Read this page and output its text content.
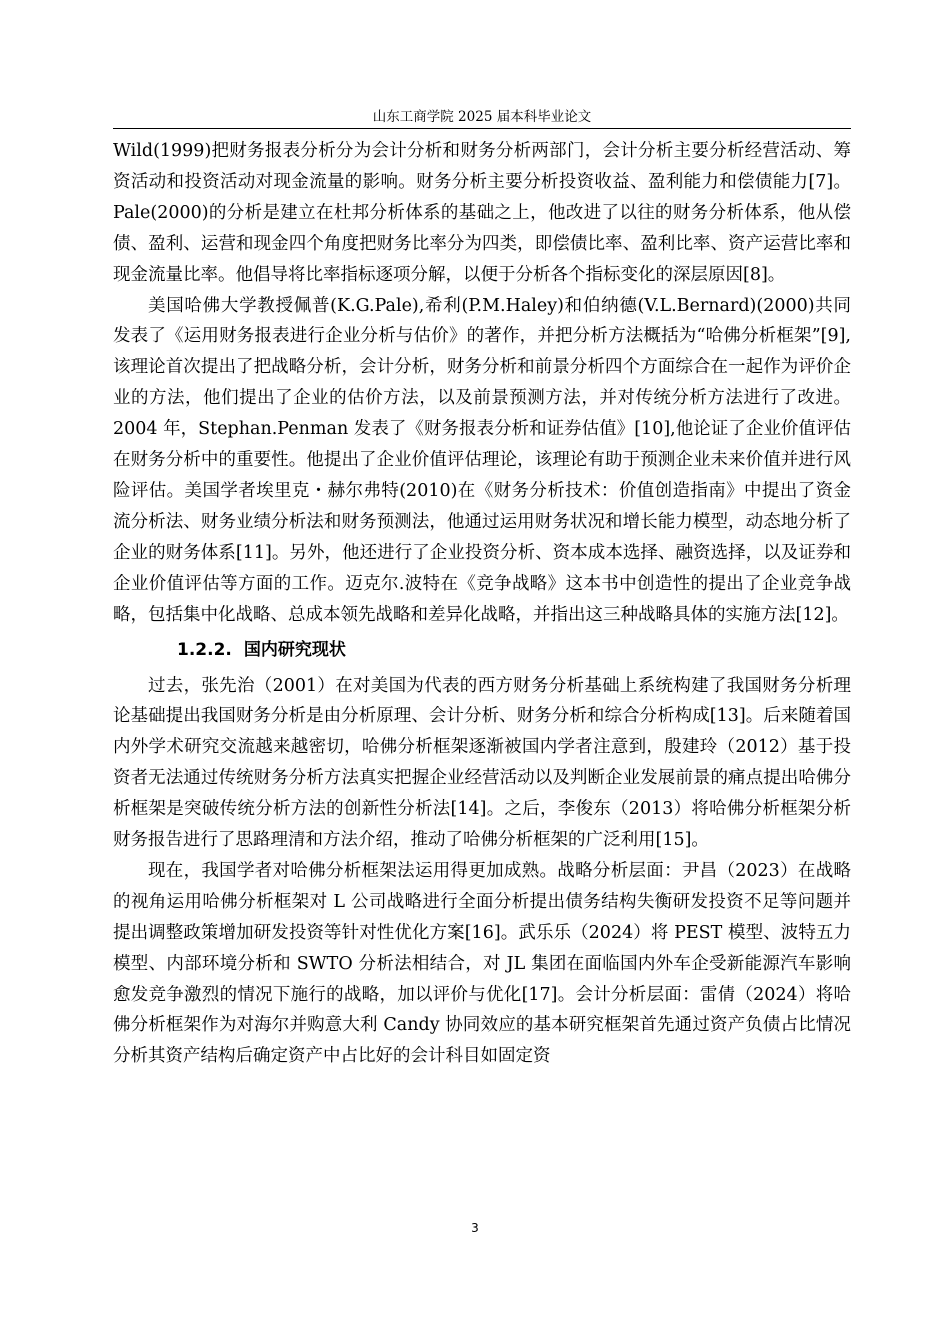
山东工商学院 2025 届本科毕业论文

Wild(1999)把财务报表分析分为会计分析和财务分析两部门，会计分析主要分析经营活动、筹资活动和投资活动对现金流量的影响。财务分析主要分析投资收益、盈利能力和偿债能力[7]。Pale(2000)的分析是建立在杜邦分析体系的基础之上，他改进了以往的财务分析体系，他从偿债、盈利、运营和现金四个角度把财务比率分为四类，即偿债比率、盈利比率、资产运营比率和现金流量比率。他倡导将比率指标逐项分解，以便于分析各个指标变化的深层原因[8]。

美国哈佛大学教授佩普(K.G.Pale),希利(P.M.Haley)和伯纳德(V.L.Bernard)(2000)共同发表了《运用财务报表进行企业分析与估价》的著作，并把分析方法概括为“哈佛分析框架”[9],该理论首次提出了把战略分析，会计分析，财务分析和前景分析四个方面综合在一起作为评价企业的方法，他们提出了企业的估价方法，以及前景预测方法，并对传统分析方法进行了改进。2004 年，Stephan.Penman 发表了《财务报表分析和证券估值》[10],他论证了企业价值评估在财务分析中的重要性。他提出了企业价值评估理论，该理论有助于预测企业未来价值并进行风险评估。美国学者埃里克・赫尔弗特(2010)在《财务分析技术：价值创造指南》中提出了资金流分析法、财务业绩分析法和财务预测法，他通过运用财务状况和增长能力模型，动态地分析了企业的财务体系[11]。另外，他还进行了企业投资分析、资本成本选择、融资选择，以及证券和企业价值评估等方面的工作。迈克尔.波特在《竞争战略》这本书中创造性的提出了企业竞争战略，包括集中化战略、总成本领先战略和差异化战略，并指出这三种战略具体的实施方法[12]。

1.2.2. 国内研究现状

过去，张先治（2001）在对美国为代表的西方财务分析基础上系统构建了我国财务分析理论基础提出我国财务分析是由分析原理、会计分析、财务分析和综合分析构成[13]。后来随着国内外学术研究交流越来越密切，哈佛分析框架逐渐被国内学者注意到，殷建玲（2012）基于投资者无法通过传统财务分析方法真实把握企业经营活动以及判断企业发展前景的痛点提出哈佛分析框架是突破传统分析方法的创新性分析法[14]。之后，李俊东（2013）将哈佛分析框架分析财务报告进行了思路理清和方法介绍，推动了哈佛分析框架的广泛利用[15]。

现在，我国学者对哈佛分析框架法运用得更加成熟。战略分析层面：尹昌（2023）在战略的视角运用哈佛分析框架对 L 公司战略进行全面分析提出债务结构失衡研发投资不足等问题并提出调整政策增加研发投资等针对性优化方案[16]。武乐乐（2024）将 PEST 模型、波特五力模型、内部环境分析和 SWTO 分析法相结合，对 JL 集团在面临国内外车企受新能源汽车影响愈发竞争激烈的情况下施行的战略，加以评价与优化[17]。会计分析层面：雷倩（2024）将哈佛分析框架作为对海尔并购意大利 Candy 协同效应的基本研究框架首先通过资产负债占比情况分析其资产结构后确定资产中占比好的会计科目如固定资

3
